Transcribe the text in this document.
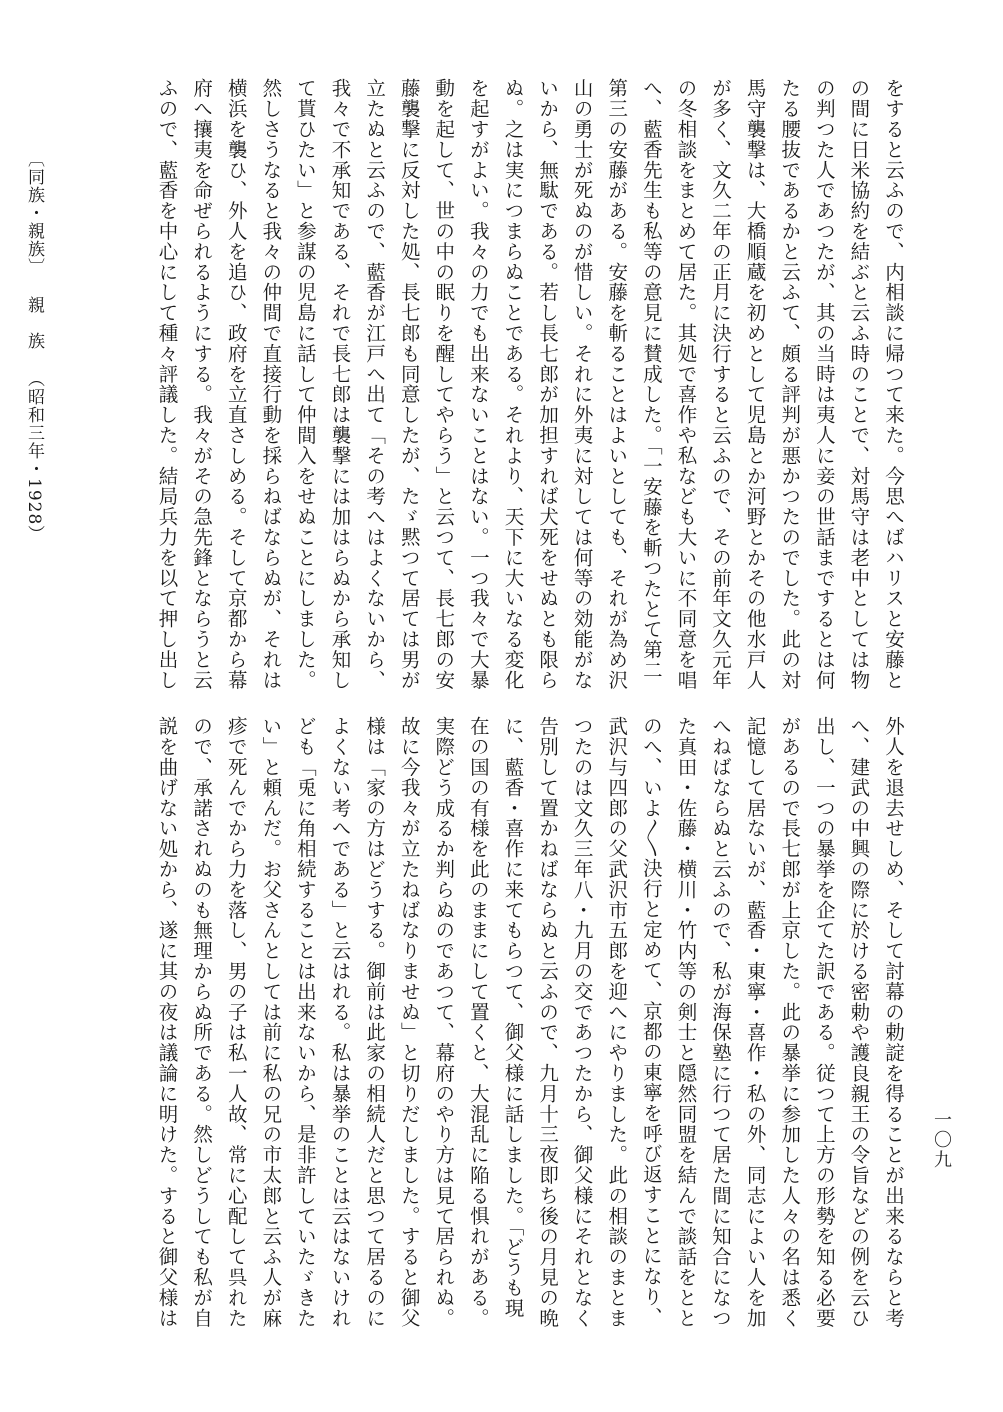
をすると云ふので、内相談に帰つて来た。今思へばハリスと安藤と
の間に日米協約を結ぶと云ふ時のことで、対馬守は老中としては物
の判つた人であつたが、其の当時は夷人に妾の世話までするとは何
たる腰抜であるかと云ふて、頗る評判が悪かつたのでした。此の対
馬守襲撃は、大橋順蔵を初めとして児島とか河野とかその他水戸人
が多く、文久二年の正月に決行すると云ふので、その前年文久元年
の冬相談をまとめて居た。其処で喜作や私なども大いに不同意を唱
へ、藍香先生も私等の意見に賛成した。「一安藤を斬つたとて第二
第三の安藤がある。安藤を斬ることはよいとしても、それが為め沢
山の勇士が死ぬのが惜しい。それに外夷に対しては何等の効能がな
いから、無駄である。若し長七郎が加担すれば犬死をせぬとも限ら
ぬ。之は実につまらぬことである。それより、天下に大いなる変化
を起すがよい。我々の力でも出来ないことはない。一つ我々で大暴
動を起して、世の中の眠りを醒してやらう」と云つて、長七郎の安
藤襲撃に反対した処、長七郎も同意したが、たゞ黙つて居ては男が
立たぬと云ふので、藍香が江戸へ出て「その考へはよくないから、
我々で不承知である、それで長七郎は襲撃には加はらぬから承知し
て貰ひたい」と参謀の児島に話して仲間入をせぬことにしました。
然しさうなると我々の仲間で直接行動を採らねばならぬが、それは
横浜を襲ひ、外人を追ひ、政府を立直さしめる。そして京都から幕
府へ攘夷を命ぜられるようにする。我々がその急先鋒とならうと云
ふので、藍香を中心にして種々評議した。結局兵力を以て押し出し
外人を退去せしめ、そして討幕の勅諚を得ることが出来るならと考
へ、建武の中興の際に於ける密勅や護良親王の令旨などの例を云ひ
出し、一つの暴挙を企てた訳である。従つて上方の形勢を知る必要
があるので長七郎が上京した。此の暴挙に参加した人々の名は悉く
記憶して居ないが、藍香・東寧・喜作・私の外、同志によい人を加
へねばならぬと云ふので、私が海保塾に行つて居た間に知合になつ
た真田・佐藤・横川・竹内等の剣士と隠然同盟を結んで談話をとと
のへ、いよ〳〵決行と定めて、京都の東寧を呼び返すことになり、
武沢与四郎の父武沢市五郎を迎へにやりました。此の相談のまとま
つたのは文久三年八・九月の交であつたから、御父様にそれとなく
告別して置かねばならぬと云ふので、九月十三夜即ち後の月見の晩
に、藍香・喜作に来てもらつて、御父様に話しました。「どうも現
在の国の有様を此のままにして置くと、大混乱に陥る惧れがある。
実際どう成るか判らぬのであつて、幕府のやり方は見て居られぬ。
故に今我々が立たねばなりませぬ」と切りだしました。すると御父
様は「家の方はどうする。御前は此家の相続人だと思つて居るのに
よくない考へである」と云はれる。私は暴挙のことは云はないけれ
ども「兎に角相続することは出来ないから、是非許していたゞきた
い」と頼んだ。お父さんとしては前に私の兄の市太郎と云ふ人が麻
疹で死んでから力を落し、男の子は私一人故、常に心配して呉れた
ので、承諾されぬのも無理からぬ所である。然しどうしても私が自
説を曲げない処から、遂に其の夜は議論に明けた。すると御父様は
〔同族・親族〕親　族（昭和三年・1928）
一〇九
